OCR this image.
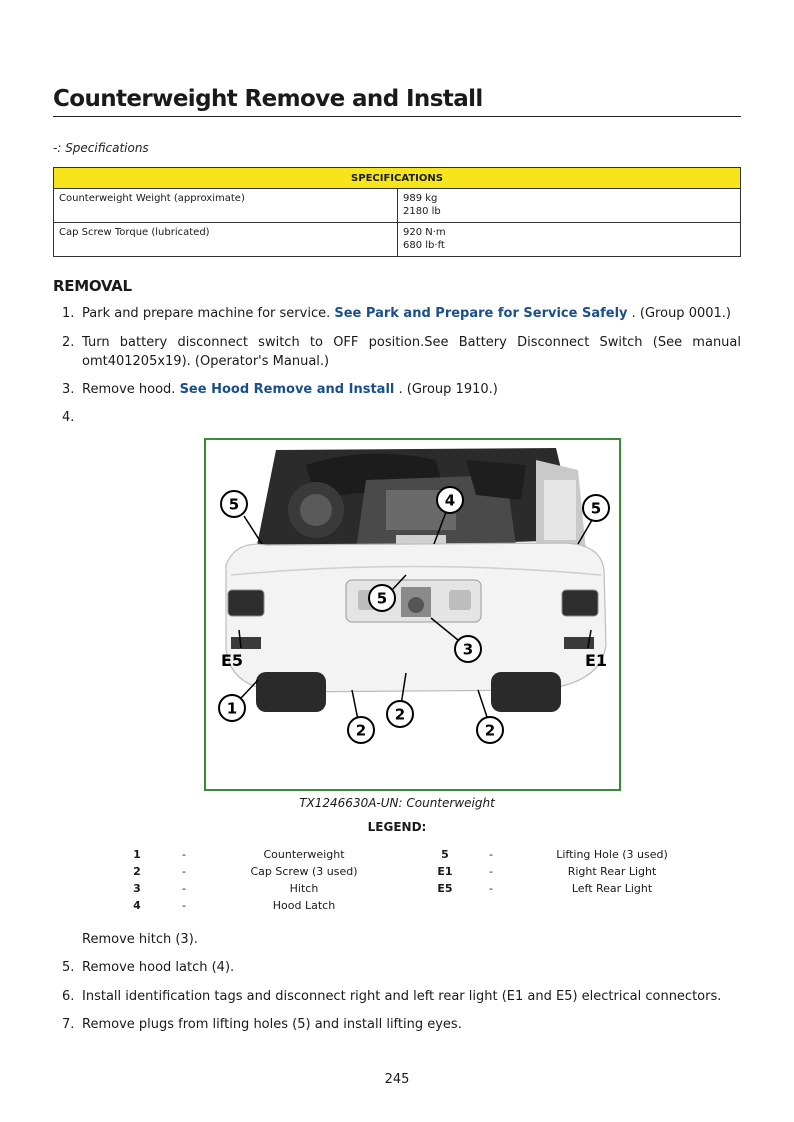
Counterweight Remove and Install
-: Specifications
SPECIFICATIONS	
Counterweight Weight (approximate)	989 kg
2180 lb

Cap Screw Torque (lubricated)	920 N·m
680 lb·ft
REMOVAL
1. Park and prepare machine for service. See Park and Prepare for Service Safely . (Group 0001.)
2. Turn battery disconnect switch to OFF position.See Battery Disconnect Switch (See manual omt401205x19). (Operator's Manual.)
3. Remove hood. See Hood Remove and Install . (Group 1910.)
4.
5	4	5
5
3
E5	E1
1
2
2
2
TX1246630A-UN: Counterweight
LEGEND:
1	-	Counterweight
2	-	Cap Screw (3 used)
3	-	Hitch
4	-	Hood Latch
5	-	Lifting Hole (3 used)
E1	-	Right Rear Light
E5	-	Left Rear Light
Remove hitch (3).
5. Remove hood latch (4).
6. Install identification tags and disconnect right and left rear light (E1 and E5) electrical connectors.
7. Remove plugs from lifting holes (5) and install lifting eyes.
245
